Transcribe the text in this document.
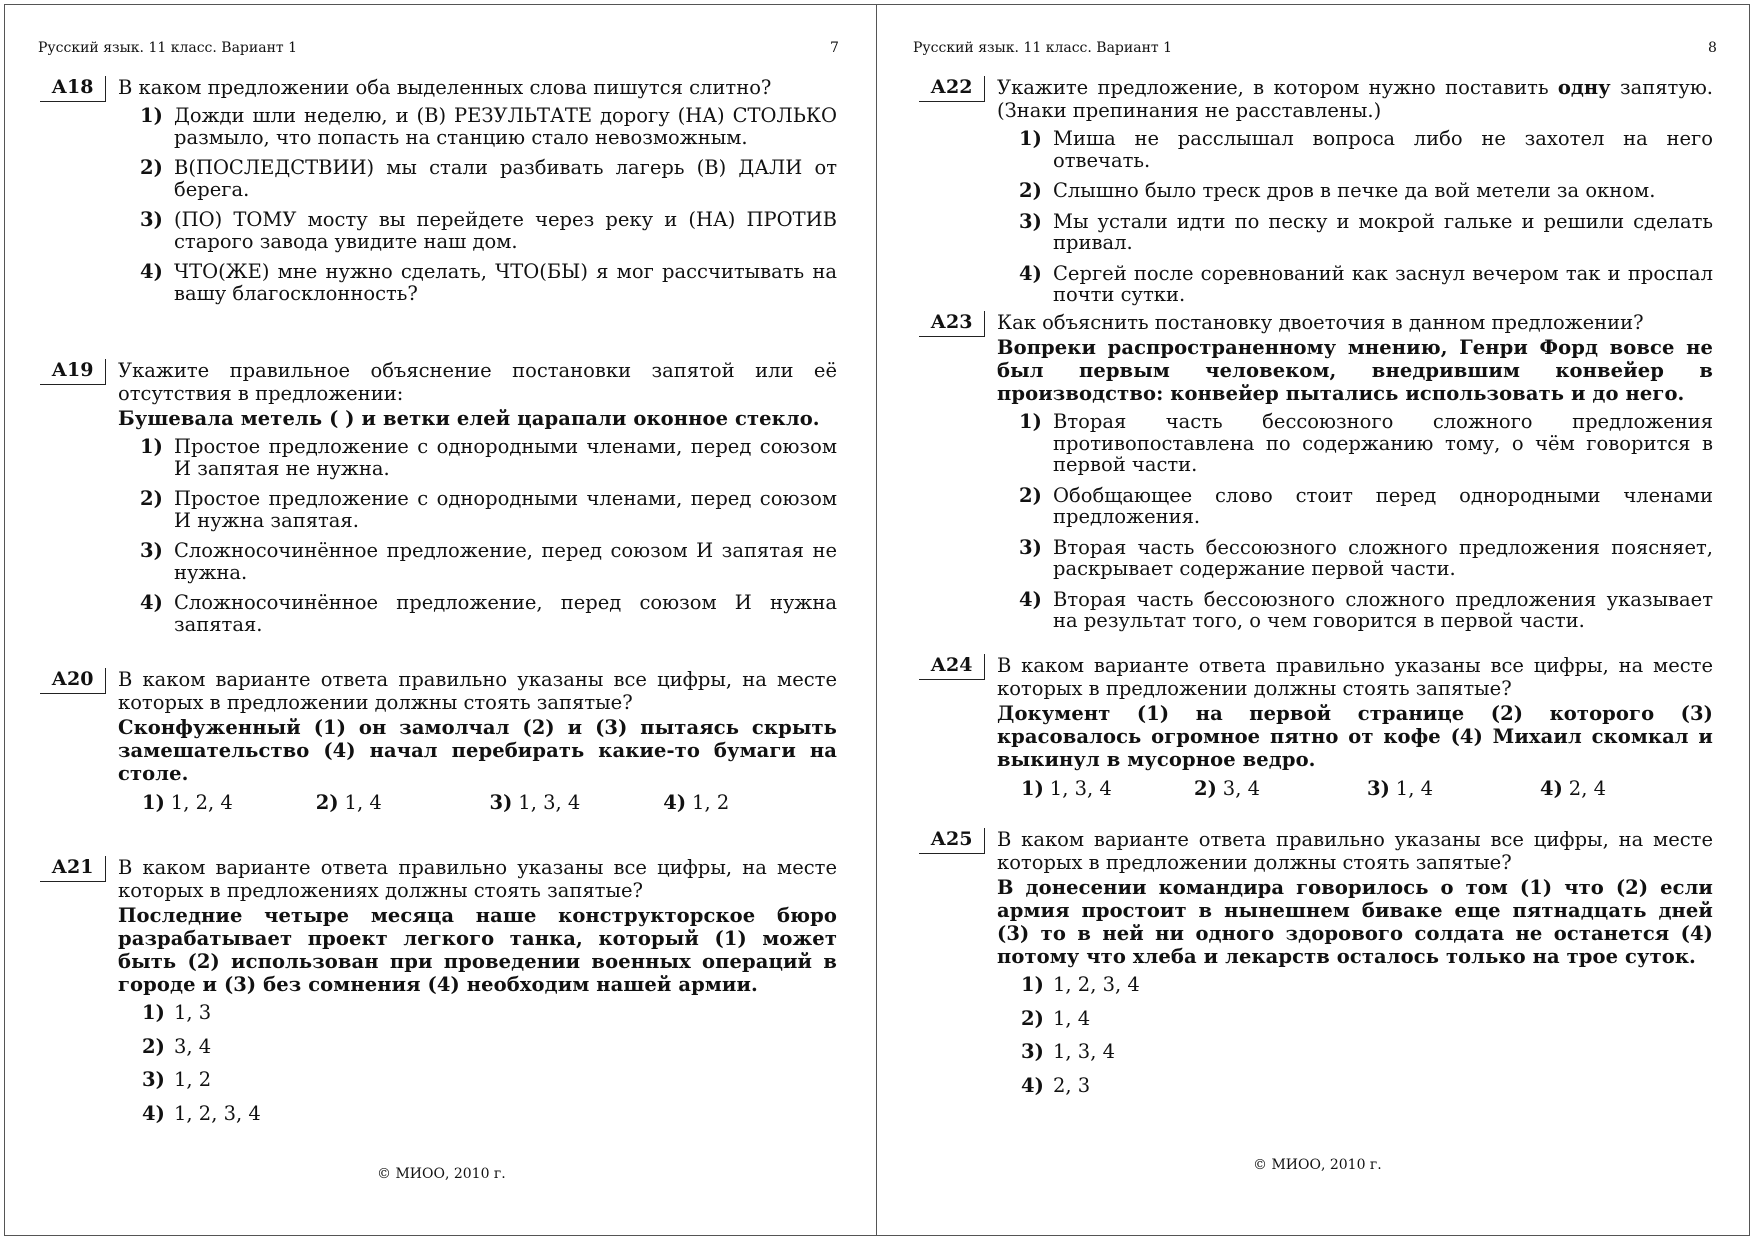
Русский язык. 11 класс. Вариант 1	7
А18	В каком предложении оба выделенных слова пишутся слитно?
1) Дожди шли неделю, и (В) РЕЗУЛЬТАТЕ дорогу (НА) СТОЛЬКО размыло, что попасть на станцию стало невозможным.
2) В(ПОСЛЕДСТВИИ) мы стали разбивать лагерь (В) ДАЛИ от берега.
3) (ПО) ТОМУ мосту вы перейдете через реку и (НА) ПРОТИВ старого завода увидите наш дом.
4) ЧТО(ЖЕ) мне нужно сделать, ЧТО(БЫ) я мог рассчитывать на вашу благосклонность?
А19	Укажите правильное объяснение постановки запятой или её отсутствия в предложении:
Бушевала метель ( ) и ветки елей царапали оконное стекло.
1) Простое предложение с однородными членами, перед союзом И запятая не нужна.
2) Простое предложение с однородными членами, перед союзом И нужна запятая.
3) Сложносочинённое предложение, перед союзом И запятая не нужна.
4) Сложносочинённое предложение, перед союзом И нужна запятая.
А20	В каком варианте ответа правильно указаны все цифры, на месте которых в предложении должны стоять запятые?
Сконфуженный (1) он замолчал (2) и (3) пытаясь скрыть замешательство (4) начал перебирать какие-то бумаги на столе.
1) 1, 2, 4	2) 1, 4	3) 1, 3, 4	4) 1, 2
А21	В каком варианте ответа правильно указаны все цифры, на месте которых в предложениях должны стоять запятые?
Последние четыре месяца наше конструкторское бюро разрабатывает проект легкого танка, который (1) может быть (2) использован при проведении военных операций в городе и (3) без сомнения (4) необходим нашей армии.
1) 1, 3
2) 3, 4
3) 1, 2
4) 1, 2, 3, 4
© МИОО, 2010 г.
Русский язык. 11 класс. Вариант 1	8
А22	Укажите предложение, в котором нужно поставить одну запятую. (Знаки препинания не расставлены.)
1) Миша не расслышал вопроса либо не захотел на него отвечать.
2) Слышно было треск дров в печке да вой метели за окном.
3) Мы устали идти по песку и мокрой гальке и решили сделать привал.
4) Сергей после соревнований как заснул вечером так и проспал почти сутки.
А23	Как объяснить постановку двоеточия в данном предложении?
Вопреки распространенному мнению, Генри Форд вовсе не был первым человеком, внедрившим конвейер в производство: конвейер пытались использовать и до него.
1) Вторая часть бессоюзного сложного предложения противопоставлена по содержанию тому, о чём говорится в первой части.
2) Обобщающее слово стоит перед однородными членами предложения.
3) Вторая часть бессоюзного сложного предложения поясняет, раскрывает содержание первой части.
4) Вторая часть бессоюзного сложного предложения указывает на результат того, о чем говорится в первой части.
А24	В каком варианте ответа правильно указаны все цифры, на месте которых в предложении должны стоять запятые?
Документ (1) на первой странице (2) которого (3) красовалось огромное пятно от кофе (4) Михаил скомкал и выкинул в мусорное ведро.
1) 1, 3, 4	2) 3, 4	3) 1, 4	4) 2, 4
А25	В каком варианте ответа правильно указаны все цифры, на месте которых в предложении должны стоять запятые?
В донесении командира говорилось о том (1) что (2) если армия простоит в нынешнем биваке еще пятнадцать дней (3) то в ней ни одного здорового солдата не останется (4) потому что хлеба и лекарств осталось только на трое суток.
1) 1, 2, 3, 4
2) 1, 4
3) 1, 3, 4
4) 2, 3
© МИОО, 2010 г.
